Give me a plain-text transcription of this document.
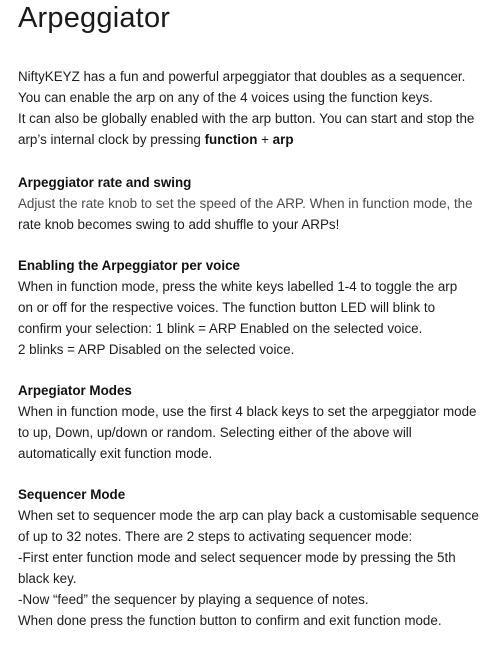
Arpeggiator
NiftyKEYZ has a fun and powerful arpeggiator that doubles as a sequencer.
You can enable the arp on any of the 4 voices using the function keys.
It can also be globally enabled with the arp button. You can start and stop the
arp’s internal clock by pressing function + arp
Arpeggiator rate and swing
Adjust the rate knob to set the speed of the ARP. When in function mode, the
rate knob becomes swing to add shuffle to your ARPs!
Enabling the Arpeggiator per voice
When in function mode, press the white keys labelled 1-4 to toggle the arp
on or off for the respective voices. The function button LED will blink to
confirm your selection: 1 blink = ARP Enabled on the selected voice.
2 blinks = ARP Disabled on the selected voice.
Arpegiator Modes
When in function mode, use the first 4 black keys to set the arpeggiator mode
to up, Down, up/down or random. Selecting either of the above will
automatically exit function mode.
Sequencer Mode
When set to sequencer mode the arp can play back a customisable sequence
of up to 32 notes. There are 2 steps to activating sequencer mode:
-First enter function mode and select sequencer mode by pressing the 5th
black key.
-Now “feed” the sequencer by playing a sequence of notes.
When done press the function button to confirm and exit function mode.
